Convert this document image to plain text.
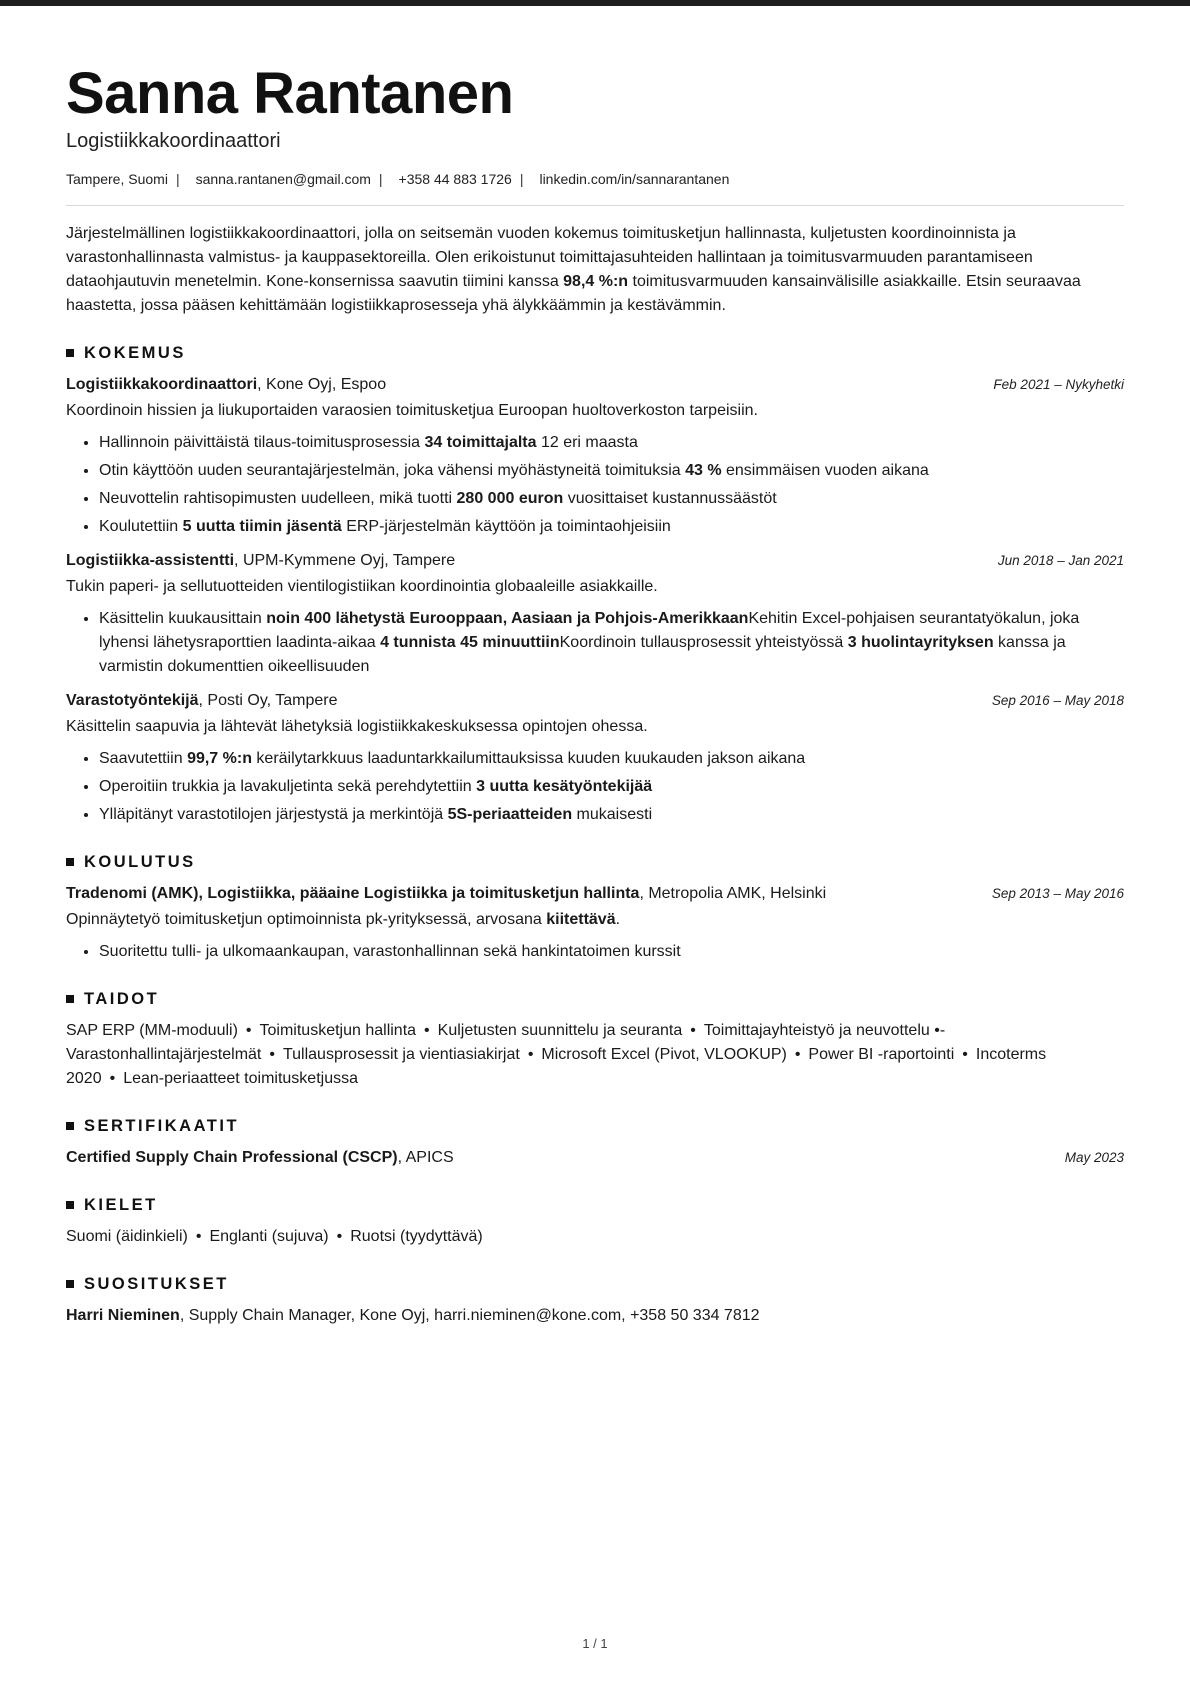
Sanna Rantanen
Logistiikkakoordinaattori
Tampere, Suomi | sanna.rantanen@gmail.com | +358 44 883 1726 | linkedin.com/in/sannarantanen
Järjestelmällinen logistiikkakoordinaattori, jolla on seitsemän vuoden kokemus toimitusketjun hallinnasta, kuljetusten koordinoinnista ja varastonhallinnasta valmistus- ja kauppasektoreilla. Olen erikoistunut toimittajasuhteiden hallintaan ja toimitusvarmuuden parantamiseen dataohjautuvin menetelmin. Kone-konsernissa saavutin tiimini kanssa 98,4 %:n toimitusvarmuuden kansainvälisille asiakkaille. Etsin seuraavaa haastetta, jossa pääsen kehittämään logistiikkaprosesseja yhä älykkäämmin ja kestävämmin.
KOKEMUS
Logistiikkakoordinaattori, Kone Oyj, Espoo	Feb 2021 – Nykyhetki
Koordinoin hissien ja liukuportaiden varaosien toimitusketjua Euroopan huoltoverkoston tarpeisiin.
• Hallinnoin päivittäistä tilaus-toimitusprosessia 34 toimittajalta 12 eri maasta
• Otin käyttöön uuden seurantajärjestelmän, joka vähensi myöhästyneitä toimituksia 43 % ensimmäisen vuoden aikana
• Neuvottelin rahtisopimusten uudelleen, mikä tuotti 280 000 euron vuosittaiset kustannussäästöt
• Koulutettiin 5 uutta tiimin jäsentä ERP-järjestelmän käyttöön ja toimintaohjeisiin
Logistiikka-assistentti, UPM-Kymmene Oyj, Tampere	Jun 2018 – Jan 2021
Tukin paperi- ja sellutuotteiden vientilogistiikan koordinointia globaaleille asiakkaille.
• Käsittelin kuukausittain noin 400 lähetystä Eurooppaan, Aasiaan ja Pohjois-AmerikkaanKehitin Excel-pohjaisen seurantatyökalun, joka lyhensi lähetysraporttien laadinta-aikaa 4 tunnista 45 minuuttiinKoordinoin tullausprosessit yhteistyössä 3 huolintayrityksen kanssa ja varmistin dokumenttien oikeellisuuden
Varastotyöntekijä, Posti Oy, Tampere	Sep 2016 – May 2018
Käsittelin saapuvia ja lähtevät lähetyksiä logistiikkakeskuksessa opintojen ohessa.
• Saavutettiin 99,7 %:n keräilytarkkuus laaduntarkkailumittauksissa kuuden kuukauden jakson aikana
• Operoitiin trukkia ja lavakuljetinta sekä perehdytettiin 3 uutta kesätyöntekijää
• Ylläpitänyt varastotilojen järjestystä ja merkintöjä 5S-periaatteiden mukaisesti
KOULUTUS
Tradenomi (AMK), Logistiikka, pääaine Logistiikka ja toimitusketjun hallinta, Metropolia AMK, Helsinki	Sep 2013 – May 2016
Opinnäytetyö toimitusketjun optimoinnista pk-yrityksessä, arvosana kiitettävä.
• Suoritettu tulli- ja ulkomaankaupan, varastonhallinnan sekä hankintatoimen kurssit
TAIDOT
SAP ERP (MM-moduuli) • Toimitusketjun hallinta • Kuljetusten suunnittelu ja seuranta • Toimittajayhteistyö ja neuvottelu •- Varastonhallintajärjestelmät • Tullausprosessit ja vientiasiakirjat • Microsoft Excel (Pivot, VLOOKUP) • Power BI -raportointi • Incoterms 2020 • Lean-periaatteet toimitusketjussa
SERTIFIKAATIT
Certified Supply Chain Professional (CSCP), APICS	May 2023
KIELET
Suomi (äidinkieli) • Englanti (sujuva) • Ruotsi (tyydyttävä)
SUOSITUKSET
Harri Nieminen, Supply Chain Manager, Kone Oyj, harri.nieminen@kone.com, +358 50 334 7812
1 / 1
